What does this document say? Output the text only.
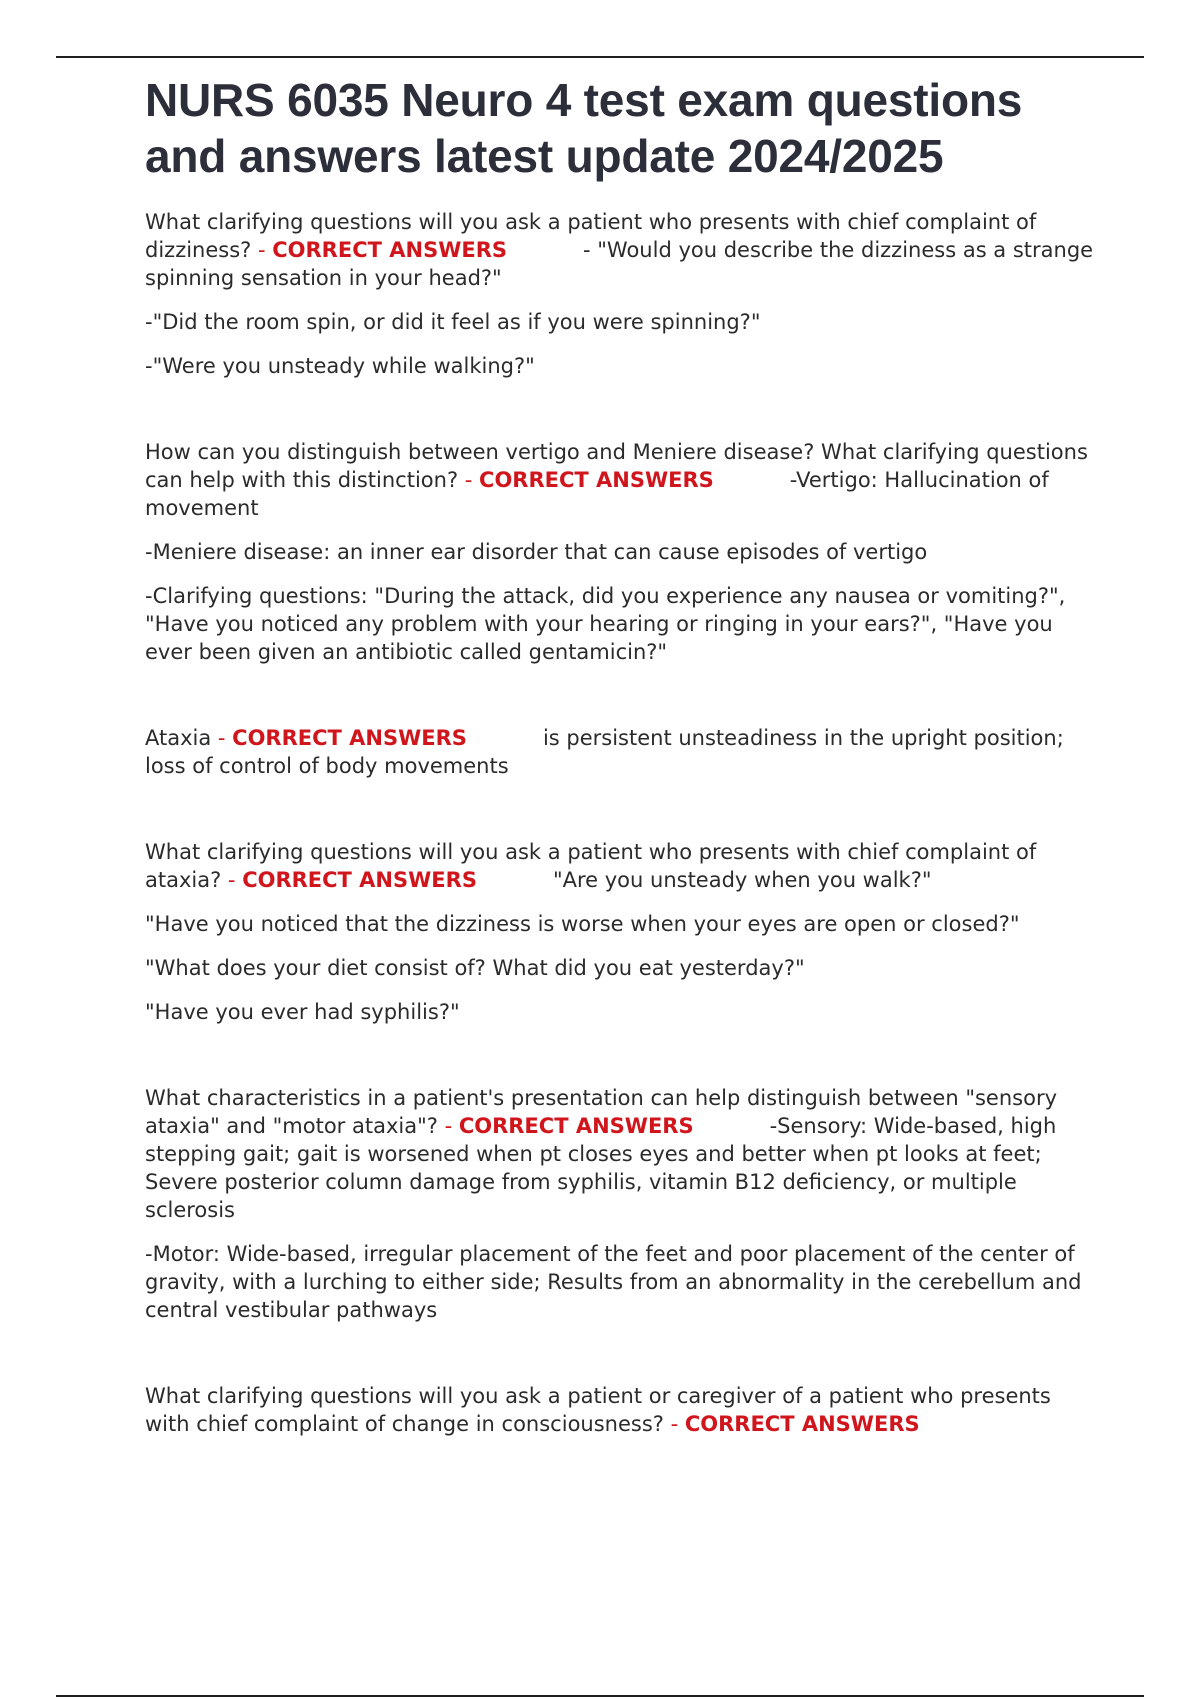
NURS 6035 Neuro 4 test exam questions and answers latest update 2024/2025

What clarifying questions will you ask a patient who presents with chief complaint of dizziness? - CORRECT ANSWERS	- "Would you describe the dizziness as a strange spinning sensation in your head?"

-"Did the room spin, or did it feel as if you were spinning?"

-"Were you unsteady while walking?"

How can you distinguish between vertigo and Meniere disease? What clarifying questions can help with this distinction? - CORRECT ANSWERS	-Vertigo: Hallucination of movement

-Meniere disease: an inner ear disorder that can cause episodes of vertigo

-Clarifying questions: "During the attack, did you experience any nausea or vomiting?", "Have you noticed any problem with your hearing or ringing in your ears?", "Have you ever been given an antibiotic called gentamicin?"

Ataxia - CORRECT ANSWERS	is persistent unsteadiness in the upright position; loss of control of body movements

What clarifying questions will you ask a patient who presents with chief complaint of ataxia? - CORRECT ANSWERS	"Are you unsteady when you walk?"

"Have you noticed that the dizziness is worse when your eyes are open or closed?"

"What does your diet consist of? What did you eat yesterday?"

"Have you ever had syphilis?"

What characteristics in a patient's presentation can help distinguish between "sensory ataxia" and "motor ataxia"? - CORRECT ANSWERS	-Sensory: Wide-based, high stepping gait; gait is worsened when pt closes eyes and better when pt looks at feet; Severe posterior column damage from syphilis, vitamin B12 deficiency, or multiple sclerosis

-Motor: Wide-based, irregular placement of the feet and poor placement of the center of gravity, with a lurching to either side; Results from an abnormality in the cerebellum and central vestibular pathways

What clarifying questions will you ask a patient or caregiver of a patient who presents with chief complaint of change in consciousness? - CORRECT ANSWERS
